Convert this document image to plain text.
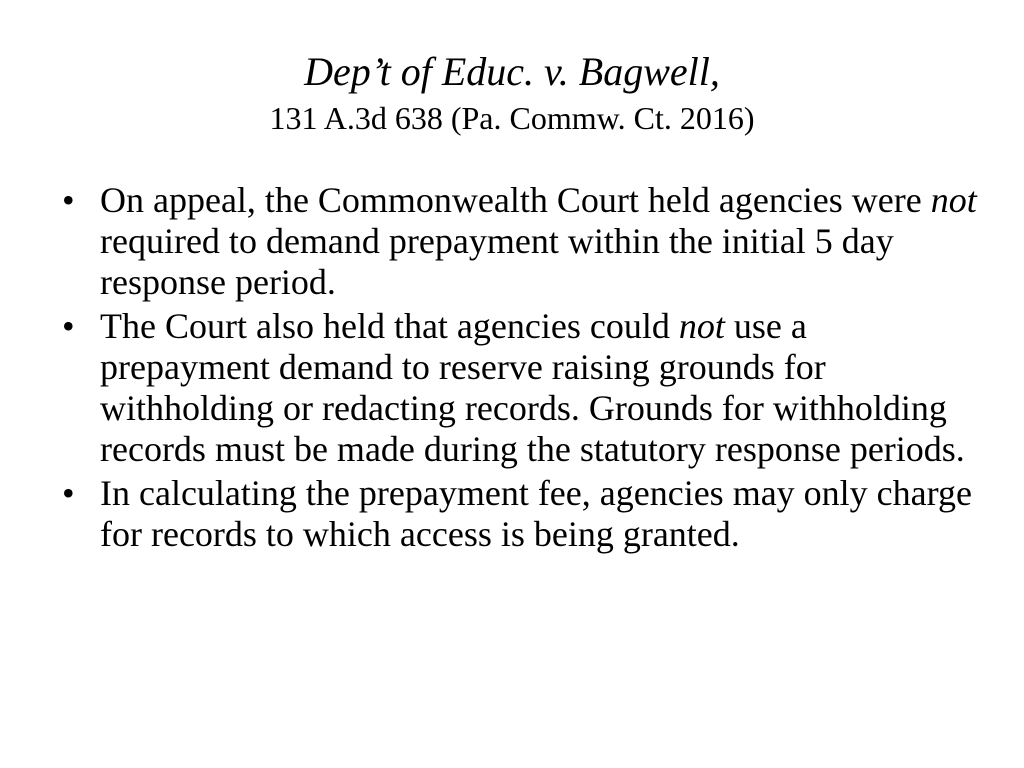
Dep’t of Educ. v. Bagwell,

131 A.3d 638 (Pa. Commw. Ct. 2016)

• On appeal, the Commonwealth Court held agencies were not required to demand prepayment within the initial 5 day response period.
• The Court also held that agencies could not use a prepayment demand to reserve raising grounds for withholding or redacting records. Grounds for withholding records must be made during the statutory response periods.
• In calculating the prepayment fee, agencies may only charge for records to which access is being granted.
